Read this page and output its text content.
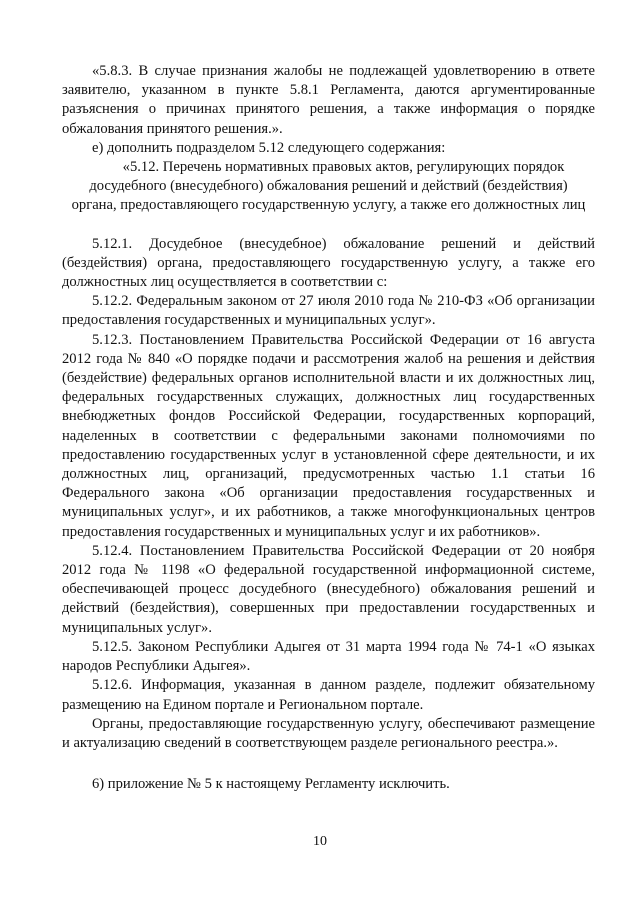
«5.8.3. В случае признания жалобы не подлежащей удовлетворению в ответе заявителю, указанном в пункте 5.8.1 Регламента, даются аргументированные разъяснения о причинах принятого решения, а также информация о порядке обжалования принятого решения.».

е) дополнить подразделом 5.12 следующего содержания:

«5.12. Перечень нормативных правовых актов, регулирующих порядок
досудебного (внесудебного) обжалования решений и действий (бездействия)
органа, предоставляющего государственную услугу, а также его должностных лиц

5.12.1. Досудебное (внесудебное) обжалование решений и действий (бездействия) органа, предоставляющего государственную услугу, а также его должностных лиц осуществляется в соответствии с:

5.12.2. Федеральным законом от 27 июля 2010 года № 210-ФЗ «Об организации предоставления государственных и муниципальных услуг».

5.12.3. Постановлением Правительства Российской Федерации от 16 августа 2012 года № 840 «О порядке подачи и рассмотрения жалоб на решения и действия (бездействие) федеральных органов исполнительной власти и их должностных лиц, федеральных государственных служащих, должностных лиц государственных внебюджетных фондов Российской Федерации, государственных корпораций, наделенных в соответствии с федеральными законами полномочиями по предоставлению государственных услуг в установленной сфере деятельности, и их должностных лиц, организаций, предусмотренных частью 1.1 статьи 16 Федерального закона «Об организации предоставления государственных и муниципальных услуг», и их работников, а также многофункциональных центров предоставления государственных и муниципальных услуг и их работников».

5.12.4. Постановлением Правительства Российской Федерации от 20 ноября 2012 года № 1198 «О федеральной государственной информационной системе, обеспечивающей процесс досудебного (внесудебного) обжалования решений и действий (бездействия), совершенных при предоставлении государственных и муниципальных услуг».

5.12.5. Законом Республики Адыгея от 31 марта 1994 года № 74-1 «О языках народов Республики Адыгея».

5.12.6. Информация, указанная в данном разделе, подлежит обязательному размещению на Едином портале и Региональном портале.

Органы, предоставляющие государственную услугу, обеспечивают размещение и актуализацию сведений в соответствующем разделе регионального реестра.».

6) приложение № 5 к настоящему Регламенту исключить.

10
